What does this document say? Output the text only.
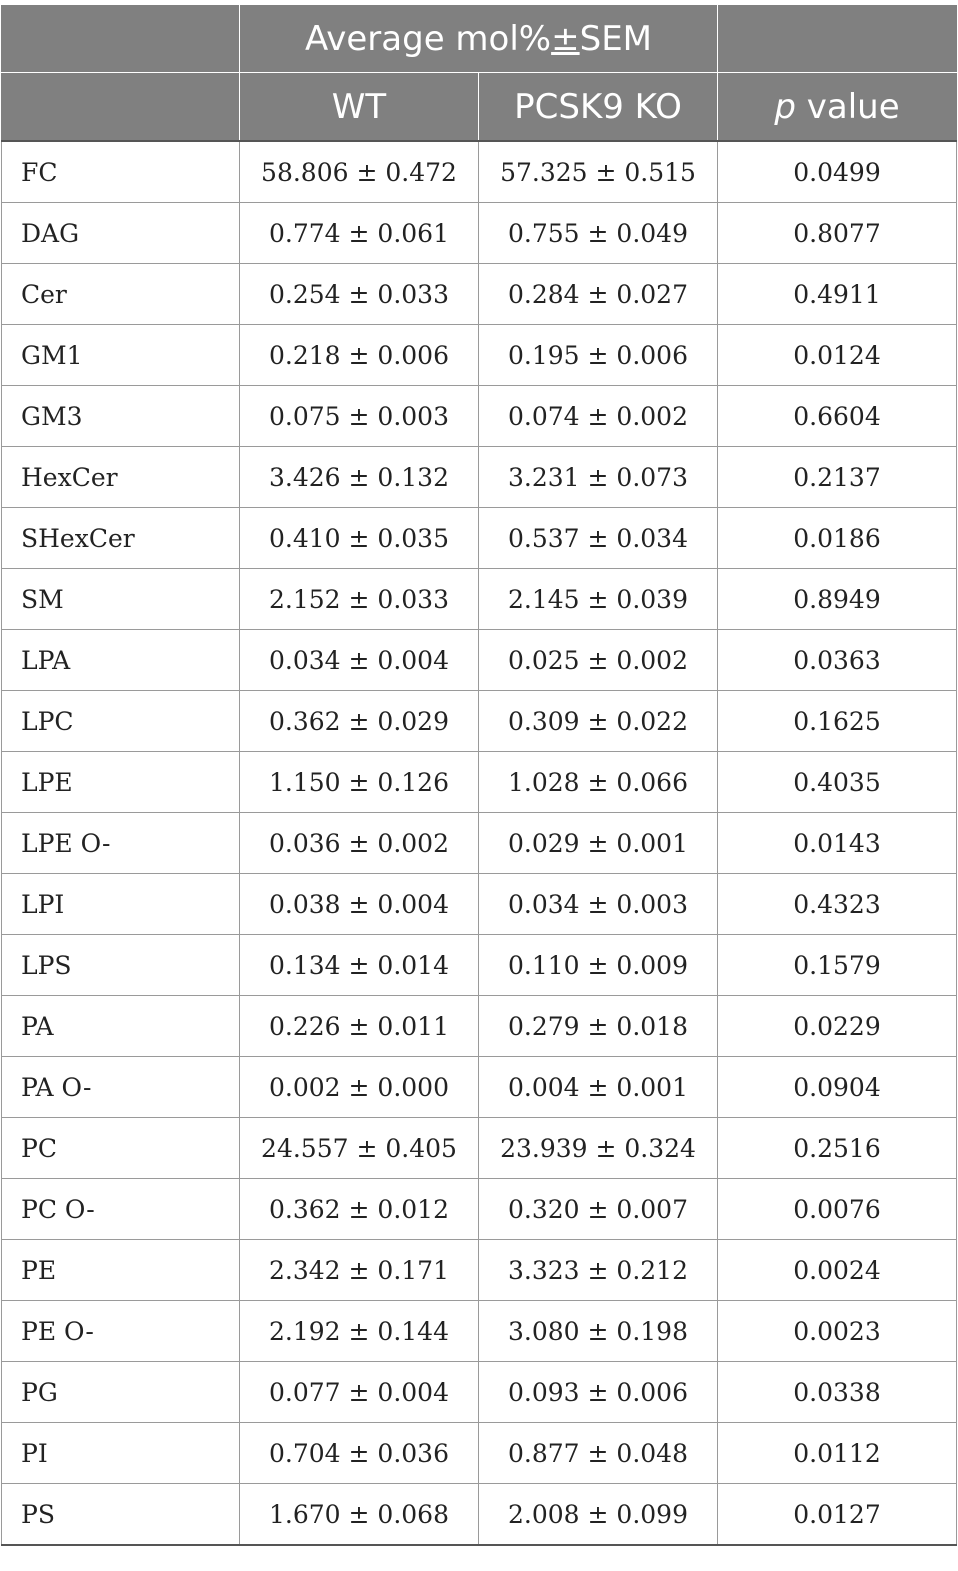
	Average mol%±SEM		
	WT	PCSK9 KO	p value
FC	58.806 ± 0.472	57.325 ± 0.515	0.0499
DAG	0.774 ± 0.061	0.755 ± 0.049	0.8077
Cer	0.254 ± 0.033	0.284 ± 0.027	0.4911
GM1	0.218 ± 0.006	0.195 ± 0.006	0.0124
GM3	0.075 ± 0.003	0.074 ± 0.002	0.6604
HexCer	3.426 ± 0.132	3.231 ± 0.073	0.2137
SHexCer	0.410 ± 0.035	0.537 ± 0.034	0.0186
SM	2.152 ± 0.033	2.145 ± 0.039	0.8949
LPA	0.034 ± 0.004	0.025 ± 0.002	0.0363
LPC	0.362 ± 0.029	0.309 ± 0.022	0.1625
LPE	1.150 ± 0.126	1.028 ± 0.066	0.4035
LPE O-	0.036 ± 0.002	0.029 ± 0.001	0.0143
LPI	0.038 ± 0.004	0.034 ± 0.003	0.4323
LPS	0.134 ± 0.014	0.110 ± 0.009	0.1579
PA	0.226 ± 0.011	0.279 ± 0.018	0.0229
PA O-	0.002 ± 0.000	0.004 ± 0.001	0.0904
PC	24.557 ± 0.405	23.939 ± 0.324	0.2516
PC O-	0.362 ± 0.012	0.320 ± 0.007	0.0076
PE	2.342 ± 0.171	3.323 ± 0.212	0.0024
PE O-	2.192 ± 0.144	3.080 ± 0.198	0.0023
PG	0.077 ± 0.004	0.093 ± 0.006	0.0338
PI	0.704 ± 0.036	0.877 ± 0.048	0.0112
PS	1.670 ± 0.068	2.008 ± 0.099	0.0127
